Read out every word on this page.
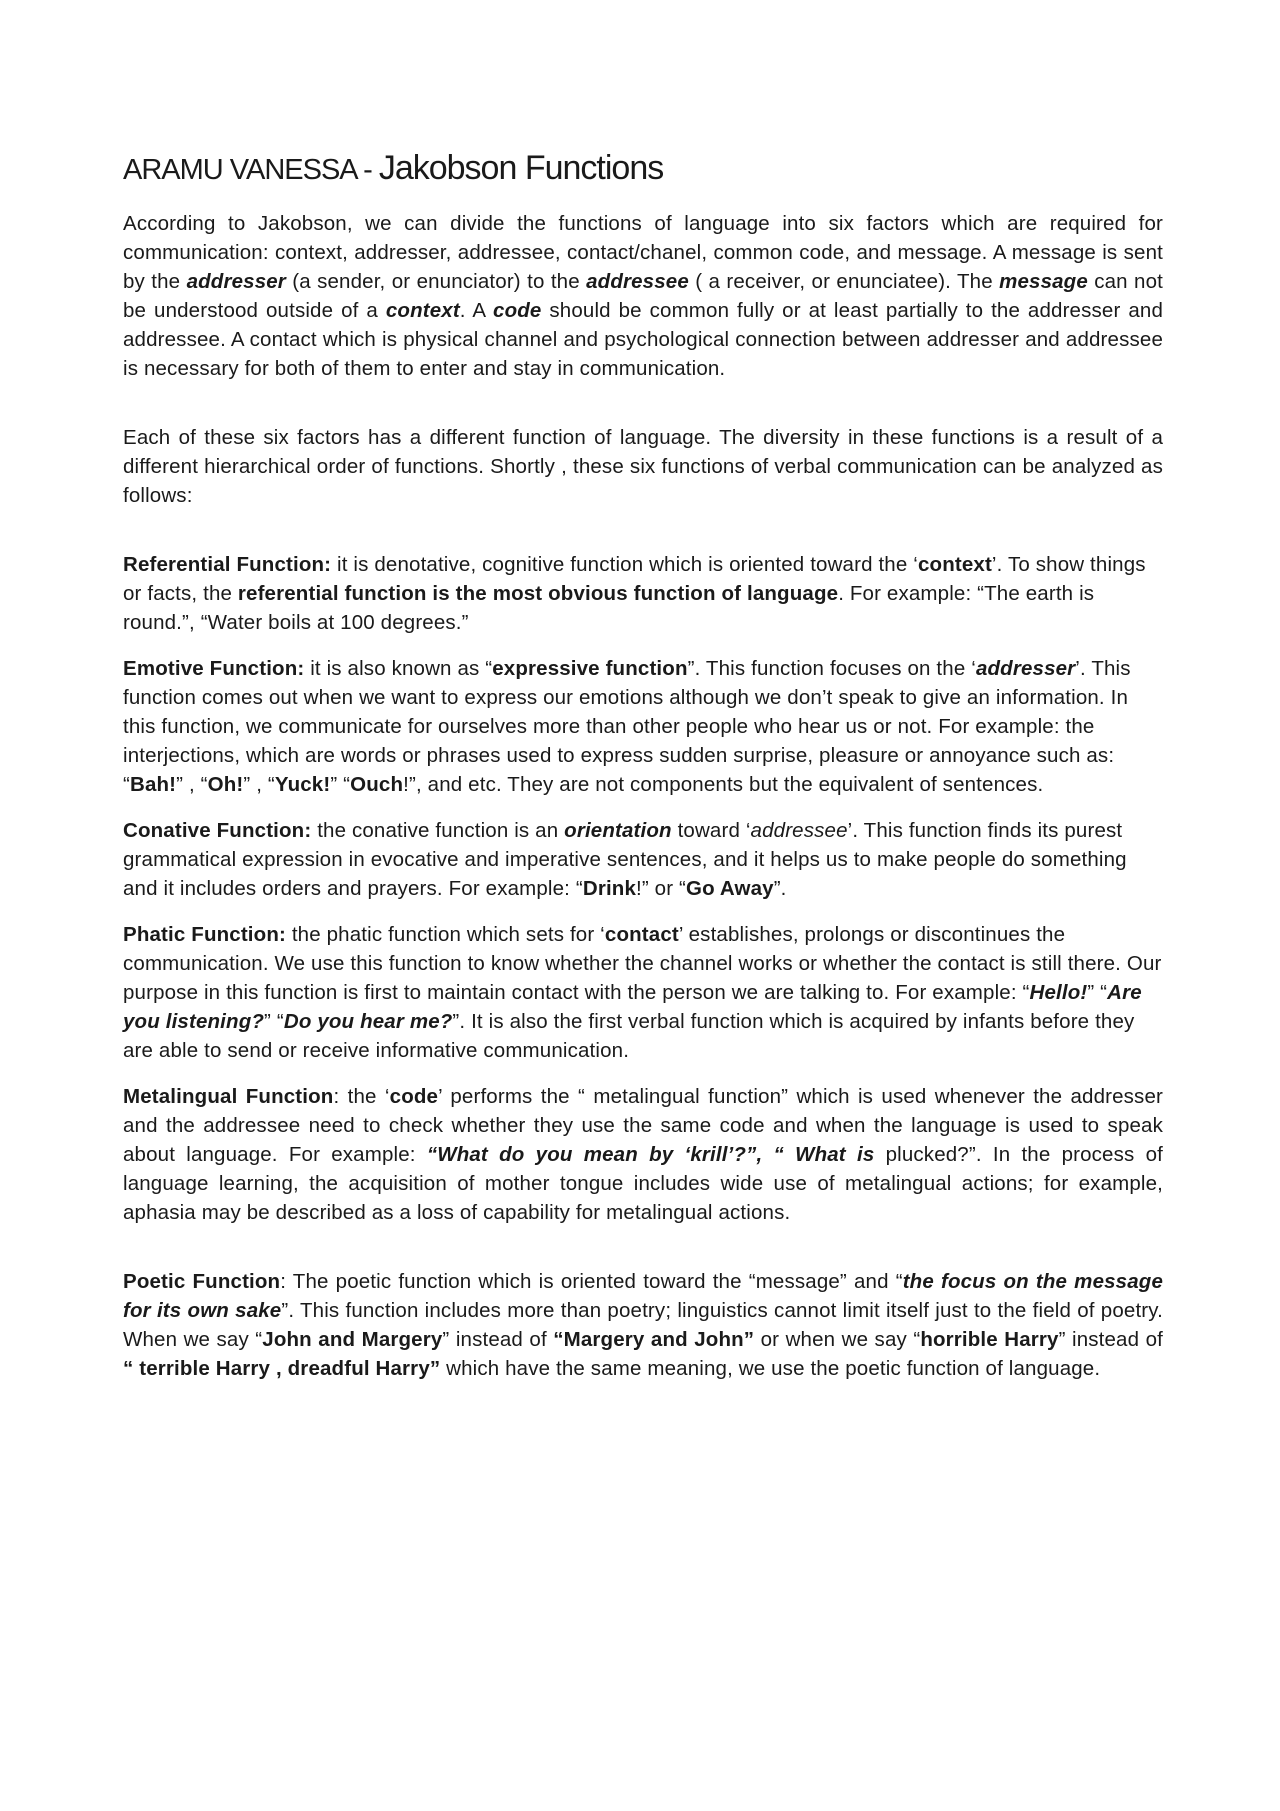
ARAMU VANESSA - Jakobson Functions

According to Jakobson, we can divide the functions of language into six factors which are required for communication: context, addresser, addressee, contact/chanel, common code, and message. A message is sent by the addresser (a sender, or enunciator) to the addressee ( a receiver, or enunciatee). The message can not be understood outside of a context. A code should be common fully or at least partially to the addresser and addressee. A contact which is physical channel and psychological connection between addresser and addressee is necessary for both of them to enter and stay in communication.

Each of these six factors has a different function of language. The diversity in these functions is a result of a different hierarchical order of functions. Shortly , these six functions of verbal communication can be analyzed as follows:

Referential Function: it is denotative, cognitive function which is oriented toward the ‘context’. To show things or facts, the referential function is the most obvious function of language. For example: “The earth is round.”, “Water boils at 100 degrees.”

Emotive Function: it is also known as “expressive function”. This function focuses on the ‘addresser’. This function comes out when we want to express our emotions although we don’t speak to give an information. In this function, we communicate for ourselves more than other people who hear us or not. For example: the interjections, which are words or phrases used to express sudden surprise, pleasure or annoyance such as: “Bah!” , “Oh!” , “Yuck!” “Ouch!”, and etc. They are not components but the equivalent of sentences.

Conative Function: the conative function is an orientation toward ‘addressee’. This function finds its purest grammatical expression in evocative and imperative sentences, and it helps us to make people do something and it includes orders and prayers. For example: “Drink!” or “Go Away”.

Phatic Function: the phatic function which sets for ‘contact’ establishes, prolongs or discontinues the communication. We use this function to know whether the channel works or whether the contact is still there. Our purpose in this function is first to maintain contact with the person we are talking to. For example: “Hello!” “Are you listening?” “Do you hear me?”. It is also the first verbal function which is acquired by infants before they are able to send or receive informative communication.

Metalingual Function: the ‘code’ performs the “ metalingual function” which is used whenever the addresser and the addressee need to check whether they use the same code and when the language is used to speak about language. For example: “What do you mean by ‘krill’?”, “ What is plucked?”. In the process of language learning, the acquisition of mother tongue includes wide use of metalingual actions; for example, aphasia may be described as a loss of capability for metalingual actions.

Poetic Function: The poetic function which is oriented toward the “message” and “the focus on the message for its own sake”. This function includes more than poetry; linguistics cannot limit itself just to the field of poetry. When we say “John and Margery” instead of “Margery and John” or when we say “horrible Harry” instead of “ terrible Harry , dreadful Harry” which have the same meaning, we use the poetic function of language.
